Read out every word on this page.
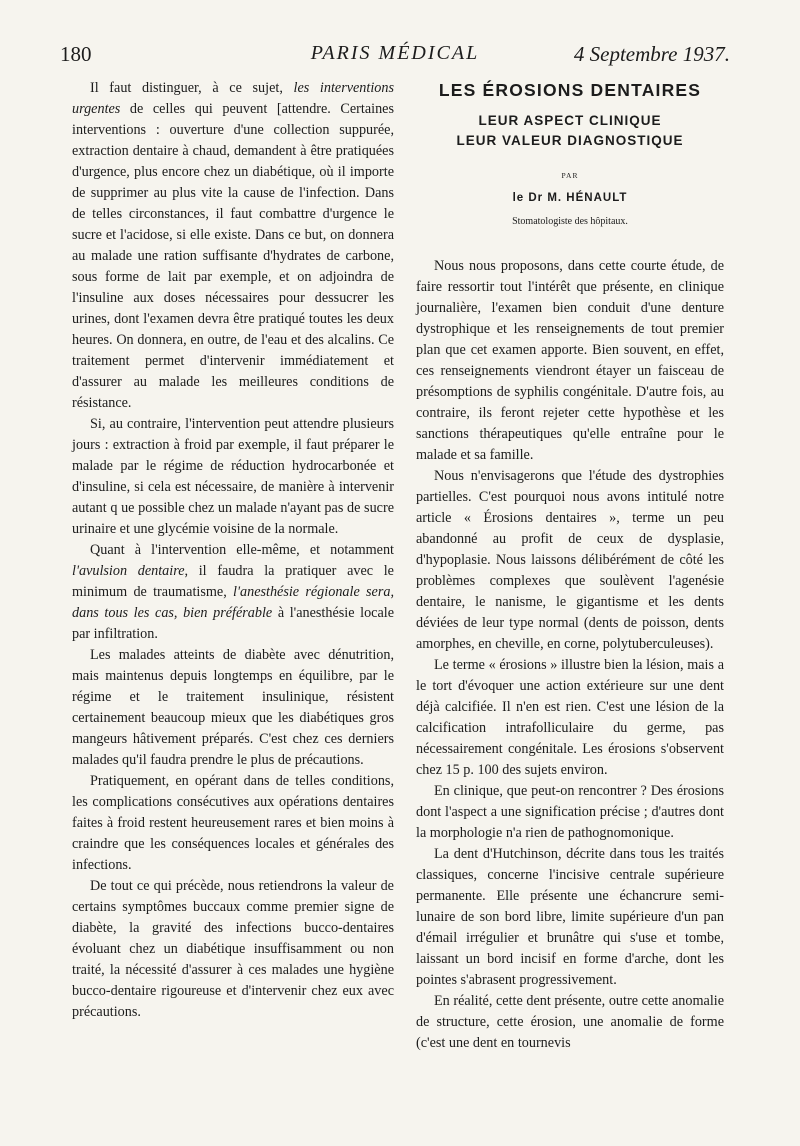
180	PARIS MÉDICAL	4 Septembre 1937.

Il faut distinguer, à ce sujet, les interventions urgentes de celles qui peuvent [attendre. Certaines interventions : ouverture d'une collection suppurée, extraction dentaire à chaud, demandent à être pratiquées d'urgence, plus encore chez un diabétique, où il importe de supprimer au plus vite la cause de l'infection. Dans de telles circonstances, il faut combattre d'urgence le sucre et l'acidose, si elle existe. Dans ce but, on donnera au malade une ration suffisante d'hydrates de carbone, sous forme de lait par exemple, et on adjoindra de l'insuline aux doses nécessaires pour dessucrer les urines, dont l'examen devra être pratiqué toutes les deux heures. On donnera, en outre, de l'eau et des alcalins. Ce traitement permet d'intervenir immédiatement et d'assurer au malade les meilleures conditions de résistance.

Si, au contraire, l'intervention peut attendre plusieurs jours : extraction à froid par exemple, il faut préparer le malade par le régime de réduction hydrocarbonée et d'insuline, si cela est nécessaire, de manière à intervenir autant q ue possible chez un malade n'ayant pas de sucre urinaire et une glycémie voisine de la normale.

Quant à l'intervention elle-même, et notamment l'avulsion dentaire, il faudra la pratiquer avec le minimum de traumatisme, l'anesthésie régionale sera, dans tous les cas, bien préférable à l'anesthésie locale par infiltration.

Les malades atteints de diabète avec dénutrition, mais maintenus depuis longtemps en équilibre, par le régime et le traitement insulinique, résistent certainement beaucoup mieux que les diabétiques gros mangeurs hâtivement préparés. C'est chez ces derniers malades qu'il faudra prendre le plus de précautions.

Pratiquement, en opérant dans de telles conditions, les complications consécutives aux opérations dentaires faites à froid restent heureusement rares et bien moins à craindre que les conséquences locales et générales des infections.

De tout ce qui précède, nous retiendrons la valeur de certains symptômes buccaux comme premier signe de diabète, la gravité des infections bucco-dentaires évoluant chez un diabétique insuffisamment ou non traité, la nécessité d'assurer à ces malades une hygiène bucco-dentaire rigoureuse et d'intervenir chez eux avec précautions.

LES ÉROSIONS DENTAIRES
LEUR ASPECT CLINIQUE
LEUR VALEUR DIAGNOSTIQUE
PAR
le Dr M. HÉNAULT
Stomatologiste des hôpitaux.

Nous nous proposons, dans cette courte étude, de faire ressortir tout l'intérêt que présente, en clinique journalière, l'examen bien conduit d'une denture dystrophique et les renseignements de tout premier plan que cet examen apporte. Bien souvent, en effet, ces renseignements viendront étayer un faisceau de présomptions de syphilis congénitale. D'autre fois, au contraire, ils feront rejeter cette hypothèse et les sanctions thérapeutiques qu'elle entraîne pour le malade et sa famille.

Nous n'envisagerons que l'étude des dystrophies partielles. C'est pourquoi nous avons intitulé notre article « Érosions dentaires », terme un peu abandonné au profit de ceux de dysplasie, d'hypoplasie. Nous laissons délibérément de côté les problèmes complexes que soulèvent l'agenésie dentaire, le nanisme, le gigantisme et les dents déviées de leur type normal (dents de poisson, dents amorphes, en cheville, en corne, polytuberculeuses).

Le terme « érosions » illustre bien la lésion, mais a le tort d'évoquer une action extérieure sur une dent déjà calcifiée. Il n'en est rien. C'est une lésion de la calcification intrafolliculaire du germe, pas nécessairement congénitale. Les érosions s'observent chez 15 p. 100 des sujets environ.

En clinique, que peut-on rencontrer ? Des érosions dont l'aspect a une signification précise ; d'autres dont la morphologie n'a rien de pathognomonique.

La dent d'Hutchinson, décrite dans tous les traités classiques, concerne l'incisive centrale supérieure permanente. Elle présente une échancrure semi-lunaire de son bord libre, limite supérieure d'un pan d'émail irrégulier et brunâtre qui s'use et tombe, laissant un bord incisif en forme d'arche, dont les pointes s'abrasent progressivement.

En réalité, cette dent présente, outre cette anomalie de structure, cette érosion, une anomalie de forme (c'est une dent en tournevis
